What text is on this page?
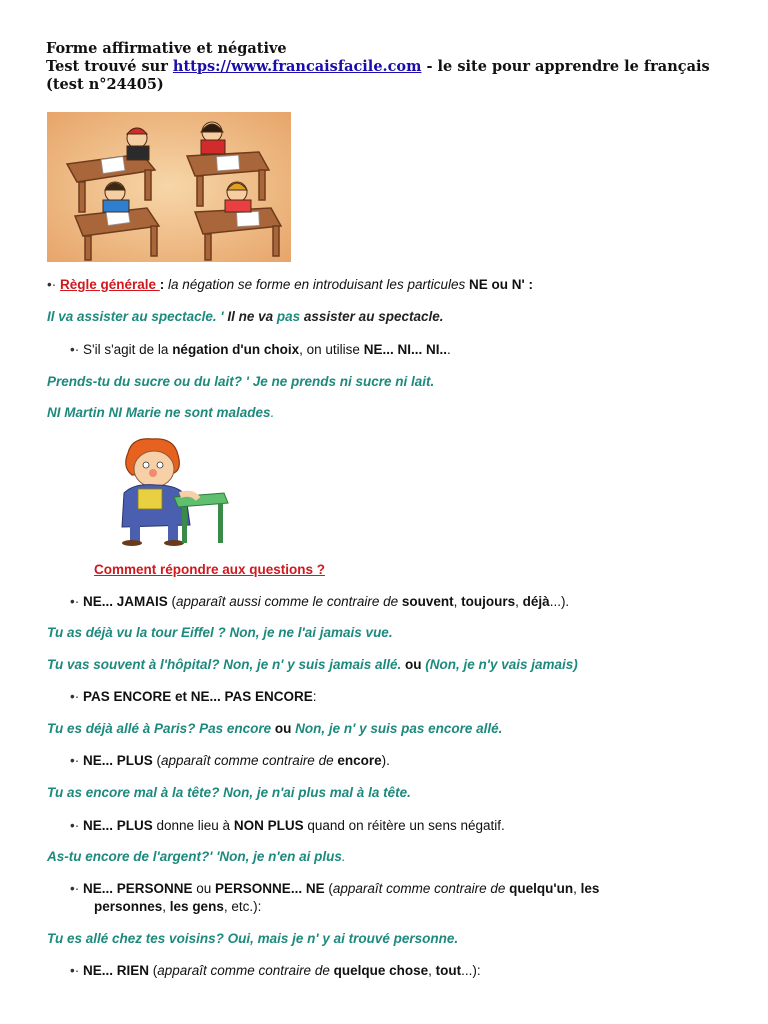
Forme affirmative et négative
Test trouvé sur https://www.francaisfacile.com - le site pour apprendre le français
(test n°24405)
•· Règle générale : la négation se forme en introduisant les particules NE ou N' :
Il va assister au spectacle. ' Il ne va pas assister au spectacle.
•· S'il s'agit de la négation d'un choix, on utilise NE... NI... NI...
Prends-tu du sucre ou du lait? ' Je ne prends ni sucre ni lait.
NI Martin NI Marie ne sont malades.
Comment répondre aux questions ?
•· NE... JAMAIS (apparaît aussi comme le contraire de souvent, toujours, déjà...).
Tu as déjà vu la tour Eiffel ? Non, je ne l'ai jamais vue.
Tu vas souvent à l'hôpital? Non, je n' y suis jamais allé. ou (Non, je n'y vais jamais)
•· PAS ENCORE et NE... PAS ENCORE:
Tu es déjà allé à Paris? Pas encore ou Non, je n' y suis pas encore allé.
•· NE... PLUS (apparaît comme contraire de encore).
Tu as encore mal à la tête? Non, je n'ai plus mal à la tête.
•· NE... PLUS donne lieu à NON PLUS quand on réitère un sens négatif.
As-tu encore de l'argent?' 'Non, je n'en ai plus.
•· NE... PERSONNE ou PERSONNE... NE (apparaît comme contraire de quelqu'un, les
personnes, les gens, etc.):
Tu es allé chez tes voisins? Oui, mais je n' y ai trouvé personne.
•· NE... RIEN (apparaît comme contraire de quelque chose, tout...):
